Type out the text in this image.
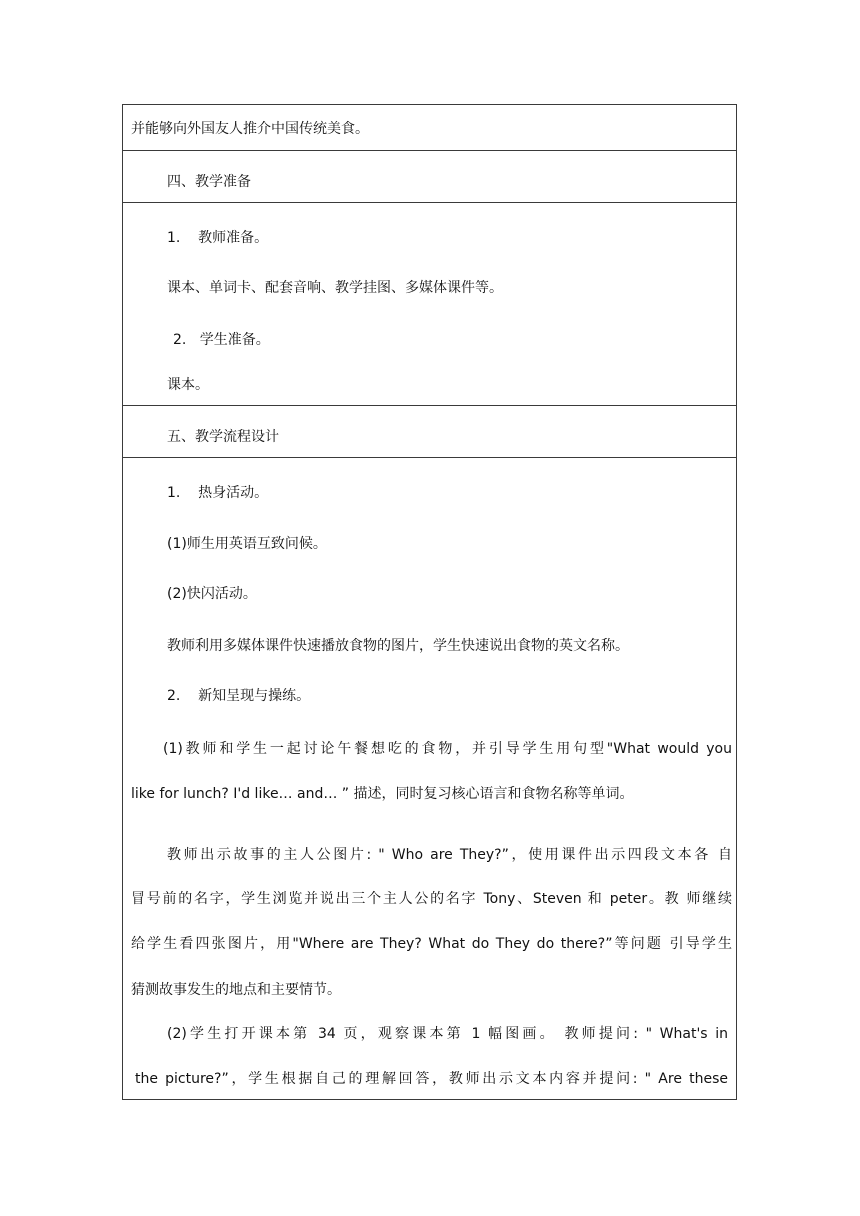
并能够向外国友人推介中国传统美食。
四、教学准备
1.    教师准备。
课本、单词卡、配套音响、教学挂图、多媒体课件等。
2.   学生准备。
课本。
五、教学流程设计
1.    热身活动。
(1)师生用英语互致问候。
(2)快闪活动。
教师利用多媒体课件快速播放食物的图片，学生快速说出食物的英文名称。
2.    新知呈现与操练。
(1)教师和学生一起讨论午餐想吃的食物，并引导学生用句型"What would you
like for lunch? I'd like… and… ” 描述，同时复习核心语言和食物名称等单词。
教师出示故事的主人公图片: " Who are They?”，使用课件出示四段文本各 自
冒号前的名字，学生浏览并说出三个主人公的名字 Tony、Steven 和 peter。教 师继续
给学生看四张图片，用"Where are They? What do They do there?”等问题 引导学生
猜测故事发生的地点和主要情节。
(2)学生打开课本第 34 页，观察课本第 1 幅图画。 教师提问: " What's in
the picture?”，学生根据自己的理解回答，教师出示文本内容并提问: " Are these
